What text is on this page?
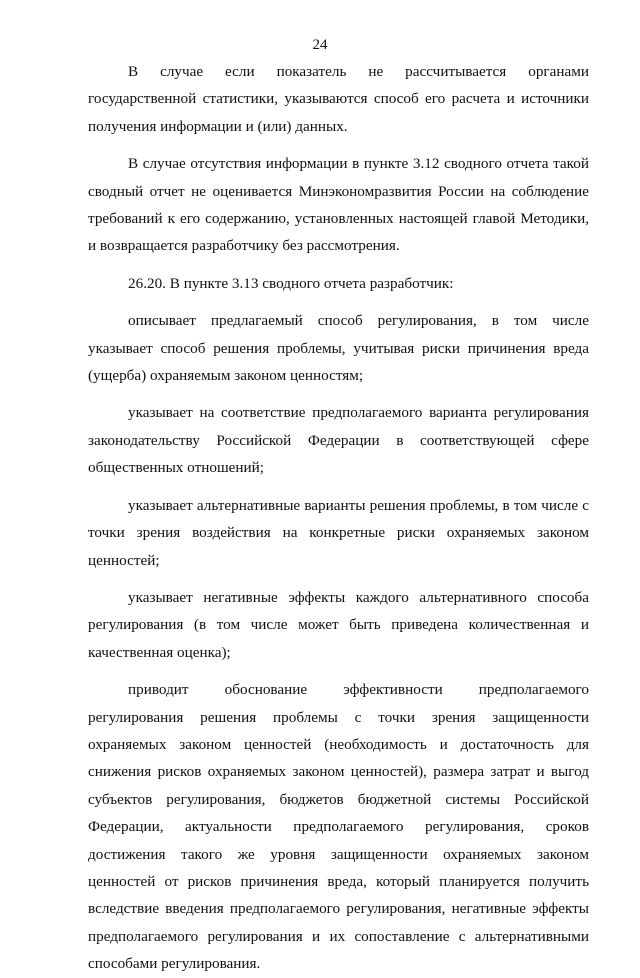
24

В случае если показатель не рассчитывается органами государственной статистики, указываются способ его расчета и источники получения информации и (или) данных.

В случае отсутствия информации в пункте 3.12 сводного отчета такой сводный отчет не оценивается Минэкономразвития России на соблюдение требований к его содержанию, установленных настоящей главой Методики, и возвращается разработчику без рассмотрения.

26.20. В пункте 3.13 сводного отчета разработчик:

описывает предлагаемый способ регулирования, в том числе указывает способ решения проблемы, учитывая риски причинения вреда (ущерба) охраняемым законом ценностям;

указывает на соответствие предполагаемого варианта регулирования законодательству Российской Федерации в соответствующей сфере общественных отношений;

указывает альтернативные варианты решения проблемы, в том числе с точки зрения воздействия на конкретные риски охраняемых законом ценностей;

указывает негативные эффекты каждого альтернативного способа регулирования (в том числе может быть приведена количественная и качественная оценка);

приводит обоснование эффективности предполагаемого регулирования решения проблемы с точки зрения защищенности охраняемых законом ценностей (необходимость и достаточность для снижения рисков охраняемых законом ценностей), размера затрат и выгод субъектов регулирования, бюджетов бюджетной системы Российской Федерации, актуальности предполагаемого регулирования, сроков достижения такого же уровня защищенности охраняемых законом ценностей от рисков причинения вреда, который планируется получить вследствие введения предполагаемого регулирования, негативные эффекты предполагаемого регулирования и их сопоставление с альтернативными способами регулирования.
